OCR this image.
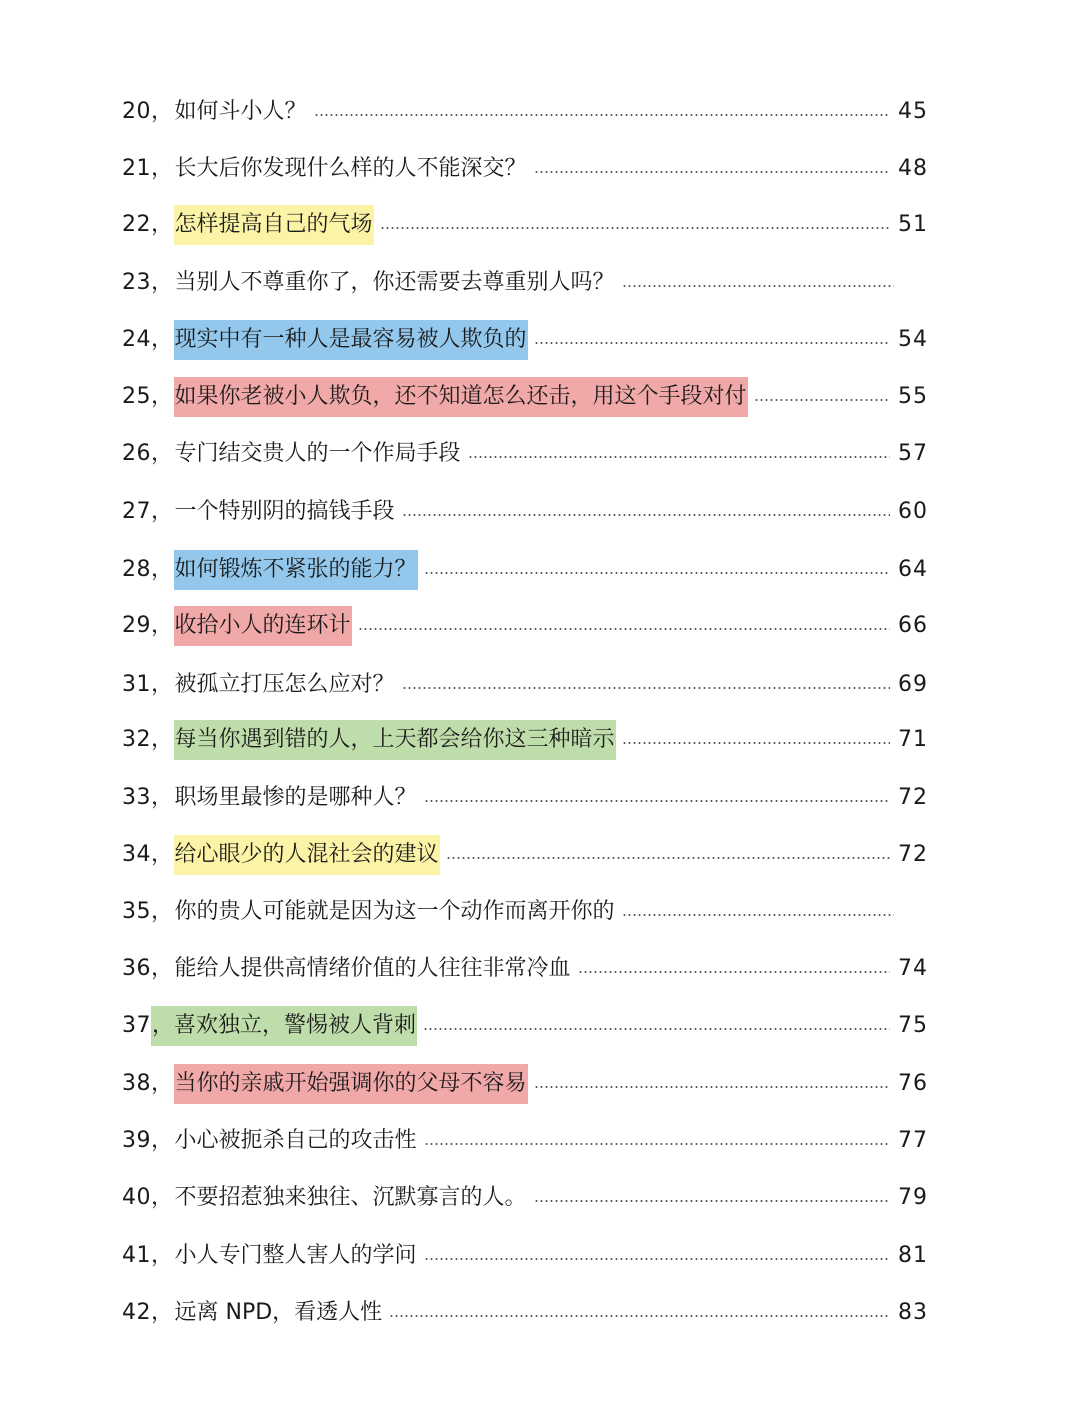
20， 如何斗小人？	45
21， 长大后你发现什么样的人不能深交？	48
22， 怎样提高自己的气场	51
23， 当别人不尊重你了，你还需要去尊重别人吗？
24， 现实中有一种人是最容易被人欺负的	54
25， 如果你老被小人欺负，还不知道怎么还击，用这个手段对付	55
26， 专门结交贵人的一个作局手段	57
27， 一个特别阴的搞钱手段	60
28， 如何锻炼不紧张的能力？	64
29， 收拾小人的连环计	66
31， 被孤立打压怎么应对？	69
32， 每当你遇到错的人，上天都会给你这三种暗示	71
33， 职场里最惨的是哪种人？	72
34， 给心眼少的人混社会的建议	72
35， 你的贵人可能就是因为这一个动作而离开你的
36， 能给人提供高情绪价值的人往往非常冷血	74
37 ，喜欢独立，警惕被人背刺	75
38， 当你的亲戚开始强调你的父母不容易	76
39， 小心被扼杀自己的攻击性	77
40， 不要招惹独来独往、沉默寡言的人。	79
41， 小人专门整人害人的学问	81
42， 远离 NPD，看透人性	83
